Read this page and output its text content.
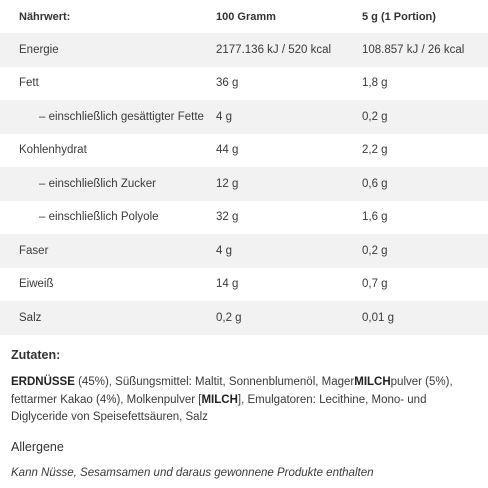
Nährwert:	100 Gramm	5 g (1 Portion)
Energie	2177.136 kJ / 520 kcal	108.857 kJ / 26 kcal
Fett	36 g	1,8 g
– einschließlich gesättigter Fette	4 g	0,2 g
Kohlenhydrat	44 g	2,2 g
– einschließlich Zucker	12 g	0,6 g
– einschließlich Polyole	32 g	1,6 g
Faser	4 g	0,2 g
Eiweiß	14 g	0,7 g
Salz	0,2 g	0,01 g
Zutaten:

ERDNÜSSE (45%), Süßungsmittel: Maltit, Sonnenblumenöl, MagerMILCHpulver (5%), fettarmer Kakao (4%), Molkenpulver [MILCH], Emulgatoren: Lecithine, Mono- und Diglyceride von Speisefettsäuren, Salz

Allergene

Kann Nüsse, Sesamsamen und daraus gewonnene Produkte enthalten
